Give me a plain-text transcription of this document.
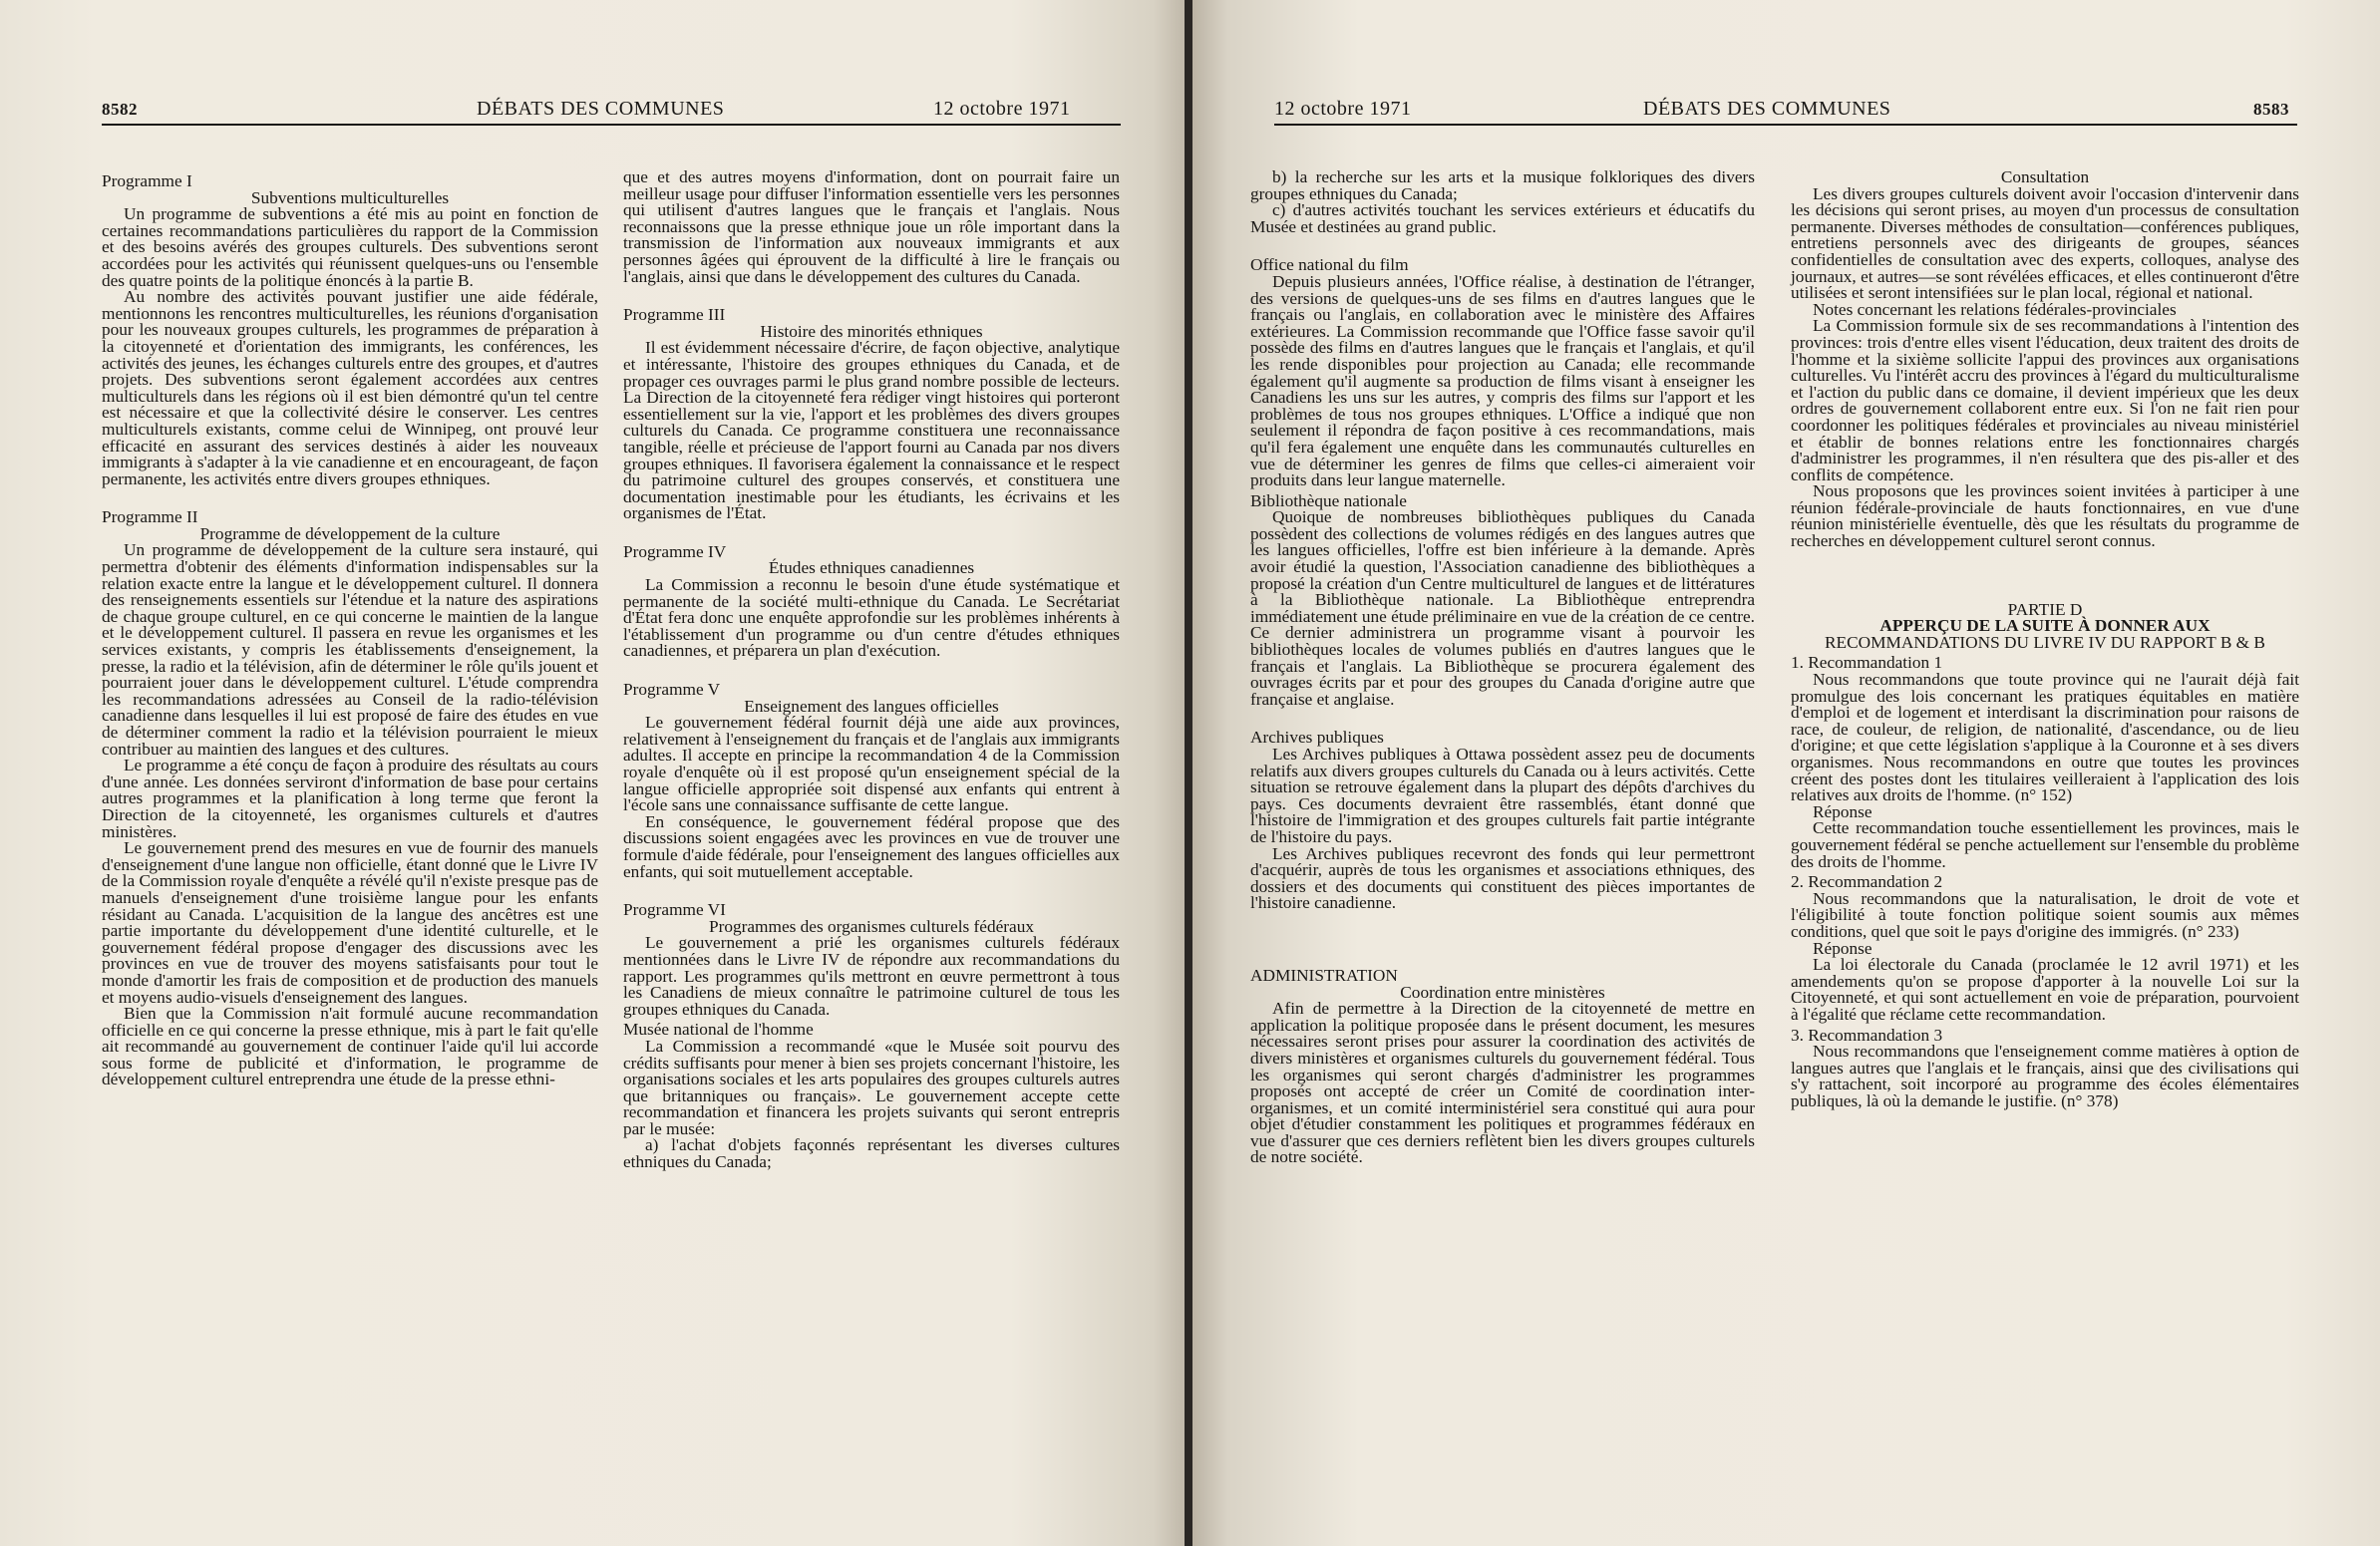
8582	DÉBATS DES COMMUNES	12 octobre 1971

Programme I

Subventions multiculturelles

Un programme de subventions a été mis au point en fonction de certaines recommandations particulières du rapport de la Commission et des besoins avérés des groupes culturels. Des subventions seront accordées pour les activités qui réunissent quelques-uns ou l'ensemble des quatre points de la politique énoncés à la partie B.

Au nombre des activités pouvant justifier une aide fédérale, mentionnons les rencontres multiculturelles, les réunions d'organisation pour les nouveaux groupes culturels, les programmes de préparation à la citoyenneté et d'orientation des immigrants, les conférences, les activités des jeunes, les échanges culturels entre des groupes, et d'autres projets. Des subventions seront également accordées aux centres multiculturels dans les régions où il est bien démontré qu'un tel centre est nécessaire et que la collectivité désire le conserver. Les centres multiculturels existants, comme celui de Winnipeg, ont prouvé leur efficacité en assurant des services destinés à aider les nouveaux immigrants à s'adapter à la vie canadienne et en encourageant, de façon permanente, les activités entre divers groupes ethniques.

Programme II

Programme de développement de la culture

Un programme de développement de la culture sera instauré, qui permettra d'obtenir des éléments d'information indispensables sur la relation exacte entre la langue et le développement culturel. Il donnera des renseignements essentiels sur l'étendue et la nature des aspirations de chaque groupe culturel, en ce qui concerne le maintien de la langue et le développement culturel. Il passera en revue les organismes et les services existants, y compris les établissements d'enseignement, la presse, la radio et la télévision, afin de déterminer le rôle qu'ils jouent et pourraient jouer dans le développement culturel. L'étude comprendra les recommandations adressées au Conseil de la radio-télévision canadienne dans lesquelles il lui est proposé de faire des études en vue de déterminer comment la radio et la télévision pourraient le mieux contribuer au maintien des langues et des cultures.

Le programme a été conçu de façon à produire des résultats au cours d'une année. Les données serviront d'information de base pour certains autres programmes et la planification à long terme que feront la Direction de la citoyenneté, les organismes culturels et d'autres ministères.

Le gouvernement prend des mesures en vue de fournir des manuels d'enseignement d'une langue non officielle, étant donné que le Livre IV de la Commission royale d'enquête a révélé qu'il n'existe presque pas de manuels d'enseignement d'une troisième langue pour les enfants résidant au Canada. L'acquisition de la langue des ancêtres est une partie importante du développement d'une identité culturelle, et le gouvernement fédéral propose d'engager des discussions avec les provinces en vue de trouver des moyens satisfaisants pour tout le monde d'amortir les frais de composition et de production des manuels et moyens audio-visuels d'enseignement des langues.

Bien que la Commission n'ait formulé aucune recommandation officielle en ce qui concerne la presse ethnique, mis à part le fait qu'elle ait recommandé au gouvernement de continuer l'aide qu'il lui accorde sous forme de publicité et d'information, le programme de développement culturel entreprendra une étude de la presse ethni-

que et des autres moyens d'information, dont on pourrait faire un meilleur usage pour diffuser l'information essentielle vers les personnes qui utilisent d'autres langues que le français et l'anglais. Nous reconnaissons que la presse ethnique joue un rôle important dans la transmission de l'information aux nouveaux immigrants et aux personnes âgées qui éprouvent de la difficulté à lire le français ou l'anglais, ainsi que dans le développement des cultures du Canada.

Programme III

Histoire des minorités ethniques

Il est évidemment nécessaire d'écrire, de façon objective, analytique et intéressante, l'histoire des groupes ethniques du Canada, et de propager ces ouvrages parmi le plus grand nombre possible de lecteurs. La Direction de la citoyenneté fera rédiger vingt histoires qui porteront essentiellement sur la vie, l'apport et les problèmes des divers groupes culturels du Canada. Ce programme constituera une reconnaissance tangible, réelle et précieuse de l'apport fourni au Canada par nos divers groupes ethniques. Il favorisera également la connaissance et le respect du patrimoine culturel des groupes conservés, et constituera une documentation inestimable pour les étudiants, les écrivains et les organismes de l'État.

Programme IV

Études ethniques canadiennes

La Commission a reconnu le besoin d'une étude systématique et permanente de la société multi-ethnique du Canada. Le Secrétariat d'État fera donc une enquête approfondie sur les problèmes inhérents à l'établissement d'un programme ou d'un centre d'études ethniques canadiennes, et préparera un plan d'exécution.

Programme V

Enseignement des langues officielles

Le gouvernement fédéral fournit déjà une aide aux provinces, relativement à l'enseignement du français et de l'anglais aux immigrants adultes. Il accepte en principe la recommandation 4 de la Commission royale d'enquête où il est proposé qu'un enseignement spécial de la langue officielle appropriée soit dispensé aux enfants qui entrent à l'école sans une connaissance suffisante de cette langue.

En conséquence, le gouvernement fédéral propose que des discussions soient engagées avec les provinces en vue de trouver une formule d'aide fédérale, pour l'enseignement des langues officielles aux enfants, qui soit mutuellement acceptable.

Programme VI

Programmes des organismes culturels fédéraux

Le gouvernement a prié les organismes culturels fédéraux mentionnées dans le Livre IV de répondre aux recommandations du rapport. Les programmes qu'ils mettront en œuvre permettront à tous les Canadiens de mieux connaître le patrimoine culturel de tous les groupes ethniques du Canada.

Musée national de l'homme

La Commission a recommandé «que le Musée soit pourvu des crédits suffisants pour mener à bien ses projets concernant l'histoire, les organisations sociales et les arts populaires des groupes culturels autres que britanniques ou français». Le gouvernement accepte cette recommandation et financera les projets suivants qui seront entrepris par le musée:

a) l'achat d'objets façonnés représentant les diverses cultures ethniques du Canada;

12 octobre 1971	DÉBATS DES COMMUNES	8583

b) la recherche sur les arts et la musique folkloriques des divers groupes ethniques du Canada;

c) d'autres activités touchant les services extérieurs et éducatifs du Musée et destinées au grand public.

Office national du film

Depuis plusieurs années, l'Office réalise, à destination de l'étranger, des versions de quelques-uns de ses films en d'autres langues que le français ou l'anglais, en collaboration avec le ministère des Affaires extérieures. La Commission recommande que l'Office fasse savoir qu'il possède des films en d'autres langues que le français et l'anglais, et qu'il les rende disponibles pour projection au Canada; elle recommande également qu'il augmente sa production de films visant à enseigner les Canadiens les uns sur les autres, y compris des films sur l'apport et les problèmes de tous nos groupes ethniques. L'Office a indiqué que non seulement il répondra de façon positive à ces recommandations, mais qu'il fera également une enquête dans les communautés culturelles en vue de déterminer les genres de films que celles-ci aimeraient voir produits dans leur langue maternelle.

Bibliothèque nationale

Quoique de nombreuses bibliothèques publiques du Canada possèdent des collections de volumes rédigés en des langues autres que les langues officielles, l'offre est bien inférieure à la demande. Après avoir étudié la question, l'Association canadienne des bibliothèques a proposé la création d'un Centre multiculturel de langues et de littératures à la Bibliothèque nationale. La Bibliothèque entreprendra immédiatement une étude préliminaire en vue de la création de ce centre. Ce dernier administrera un programme visant à pourvoir les bibliothèques locales de volumes publiés en d'autres langues que le français et l'anglais. La Bibliothèque se procurera également des ouvrages écrits par et pour des groupes du Canada d'origine autre que française et anglaise.

Archives publiques

Les Archives publiques à Ottawa possèdent assez peu de documents relatifs aux divers groupes culturels du Canada ou à leurs activités. Cette situation se retrouve également dans la plupart des dépôts d'archives du pays. Ces documents devraient être rassemblés, étant donné que l'histoire de l'immigration et des groupes culturels fait partie intégrante de l'histoire du pays.

Les Archives publiques recevront des fonds qui leur permettront d'acquérir, auprès de tous les organismes et associations ethniques, des dossiers et des documents qui constituent des pièces importantes de l'histoire canadienne.

ADMINISTRATION

Coordination entre ministères

Afin de permettre à la Direction de la citoyenneté de mettre en application la politique proposée dans le présent document, les mesures nécessaires seront prises pour assurer la coordination des activités de divers ministères et organismes culturels du gouvernement fédéral. Tous les organismes qui seront chargés d'administrer les programmes proposés ont accepté de créer un Comité de coordination inter-organismes, et un comité interministériel sera constitué qui aura pour objet d'étudier constamment les politiques et programmes fédéraux en vue d'assurer que ces derniers reflètent bien les divers groupes culturels de notre société.

Consultation

Les divers groupes culturels doivent avoir l'occasion d'intervenir dans les décisions qui seront prises, au moyen d'un processus de consultation permanente. Diverses méthodes de consultation—conférences publiques, entretiens personnels avec des dirigeants de groupes, séances confidentielles de consultation avec des experts, colloques, analyse des journaux, et autres—se sont révélées efficaces, et elles continueront d'être utilisées et seront intensifiées sur le plan local, régional et national.

Notes concernant les relations fédérales-provinciales

La Commission formule six de ses recommandations à l'intention des provinces: trois d'entre elles visent l'éducation, deux traitent des droits de l'homme et la sixième sollicite l'appui des provinces aux organisations culturelles. Vu l'intérêt accru des provinces à l'égard du multiculturalisme et l'action du public dans ce domaine, il devient impérieux que les deux ordres de gouvernement collaborent entre eux. Si l'on ne fait rien pour coordonner les politiques fédérales et provinciales au niveau ministériel et établir de bonnes relations entre les fonctionnaires chargés d'administrer les programmes, il n'en résultera que des pis-aller et des conflits de compétence.

Nous proposons que les provinces soient invitées à participer à une réunion fédérale-provinciale de hauts fonctionnaires, en vue d'une réunion ministérielle éventuelle, dès que les résultats du programme de recherches en développement culturel seront connus.

PARTIE D

APPERÇU DE LA SUITE À DONNER AUX

RECOMMANDATIONS DU LIVRE IV DU RAPPORT B & B

1. Recommandation 1

Nous recommandons que toute province qui ne l'aurait déjà fait promulgue des lois concernant les pratiques équitables en matière d'emploi et de logement et interdisant la discrimination pour raisons de race, de couleur, de religion, de nationalité, d'ascendance, ou de lieu d'origine; et que cette législation s'applique à la Couronne et à ses divers organismes. Nous recommandons en outre que toutes les provinces créent des postes dont les titulaires veilleraient à l'application des lois relatives aux droits de l'homme. (n° 152)

Réponse

Cette recommandation touche essentiellement les provinces, mais le gouvernement fédéral se penche actuellement sur l'ensemble du problème des droits de l'homme.

2. Recommandation 2

Nous recommandons que la naturalisation, le droit de vote et l'éligibilité à toute fonction politique soient soumis aux mêmes conditions, quel que soit le pays d'origine des immigrés. (n° 233)

Réponse

La loi électorale du Canada (proclamée le 12 avril 1971) et les amendements qu'on se propose d'apporter à la nouvelle Loi sur la Citoyenneté, et qui sont actuellement en voie de préparation, pourvoient à l'égalité que réclame cette recommandation.

3. Recommandation 3

Nous recommandons que l'enseignement comme matières à option de langues autres que l'anglais et le français, ainsi que des civilisations qui s'y rattachent, soit incorporé au programme des écoles élémentaires publiques, là où la demande le justifie. (n° 378)
